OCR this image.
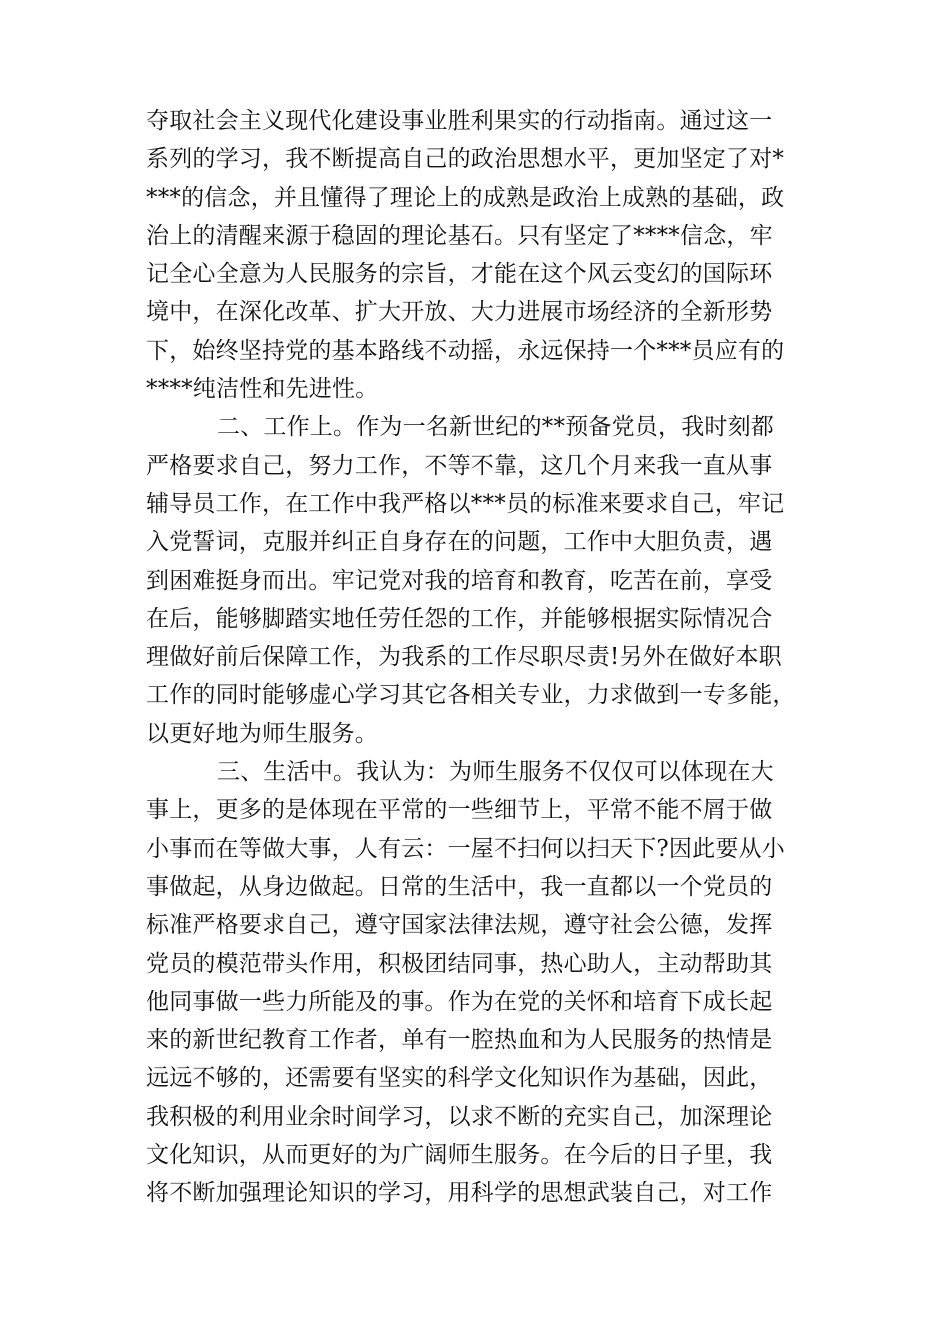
夺取社会主义现代化建设事业胜利果实的行动指南。通过这一
系列的学习，我不断提高自己的政治思想水平，更加坚定了对*
***的信念，并且懂得了理论上的成熟是政治上成熟的基础，政
治上的清醒来源于稳固的理论基石。只有坚定了****信念，牢
记全心全意为人民服务的宗旨，才能在这个风云变幻的国际环
境中，在深化改革、扩大开放、大力进展市场经济的全新形势
下，始终坚持党的基本路线不动摇，永远保持一个***员应有的
****纯洁性和先进性。
二、工作上。作为一名新世纪的**预备党员，我时刻都
严格要求自己，努力工作，不等不靠，这几个月来我一直从事
辅导员工作，在工作中我严格以***员的标准来要求自己，牢记
入党誓词，克服并纠正自身存在的问题，工作中大胆负责，遇
到困难挺身而出。牢记党对我的培育和教育，吃苦在前，享受
在后，能够脚踏实地任劳任怨的工作，并能够根据实际情况合
理做好前后保障工作，为我系的工作尽职尽责!另外在做好本职
工作的同时能够虚心学习其它各相关专业，力求做到一专多能，
以更好地为师生服务。
三、生活中。我认为：为师生服务不仅仅可以体现在大
事上，更多的是体现在平常的一些细节上，平常不能不屑于做
小事而在等做大事，人有云：一屋不扫何以扫天下?因此要从小
事做起，从身边做起。日常的生活中，我一直都以一个党员的
标准严格要求自己，遵守国家法律法规，遵守社会公德，发挥
党员的模范带头作用，积极团结同事，热心助人，主动帮助其
他同事做一些力所能及的事。作为在党的关怀和培育下成长起
来的新世纪教育工作者，单有一腔热血和为人民服务的热情是
远远不够的，还需要有坚实的科学文化知识作为基础，因此，
我积极的利用业余时间学习，以求不断的充实自己，加深理论
文化知识，从而更好的为广阔师生服务。在今后的日子里，我
将不断加强理论知识的学习，用科学的思想武装自己，对工作
